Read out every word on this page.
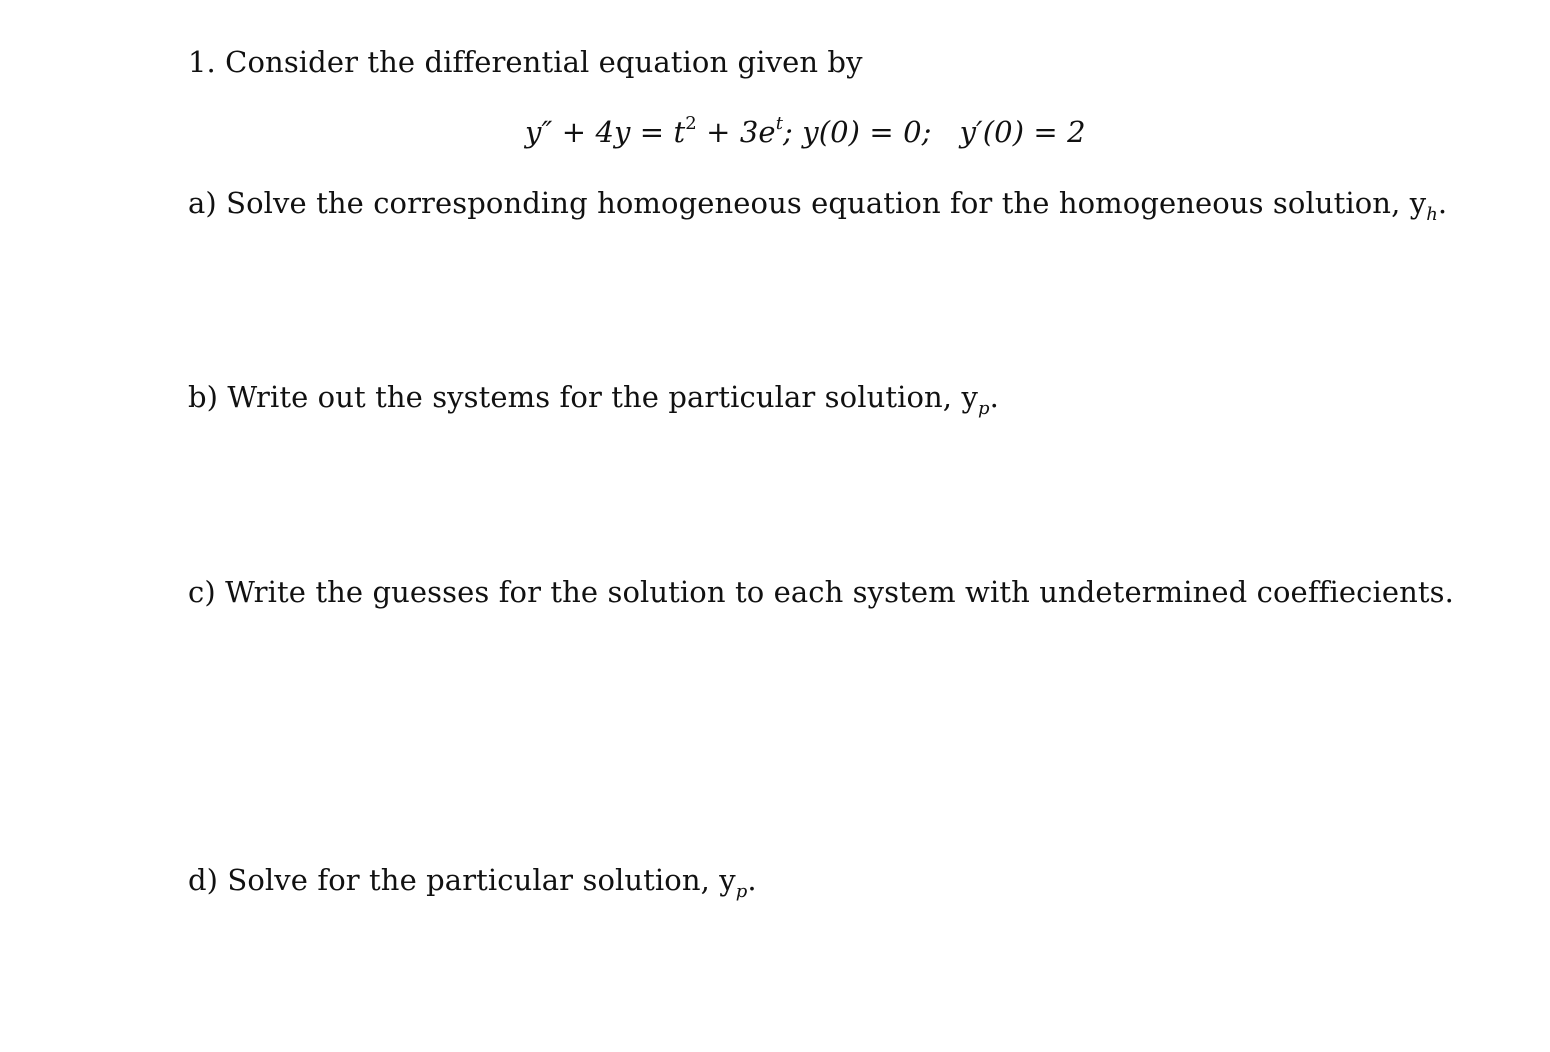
1. Consider the differential equation given by
$y'' + 4y = t^2 + 3e^t$; y(0) = 0; y′(0) = 2
a) Solve the corresponding homogeneous equation for the homogeneous solution, $y_h$.
b) Write out the systems for the particular solution, $y_p$.
c) Write the guesses for the solution to each system with undetermined coeffiecients.
d) Solve for the particular solution, $y_p$.
